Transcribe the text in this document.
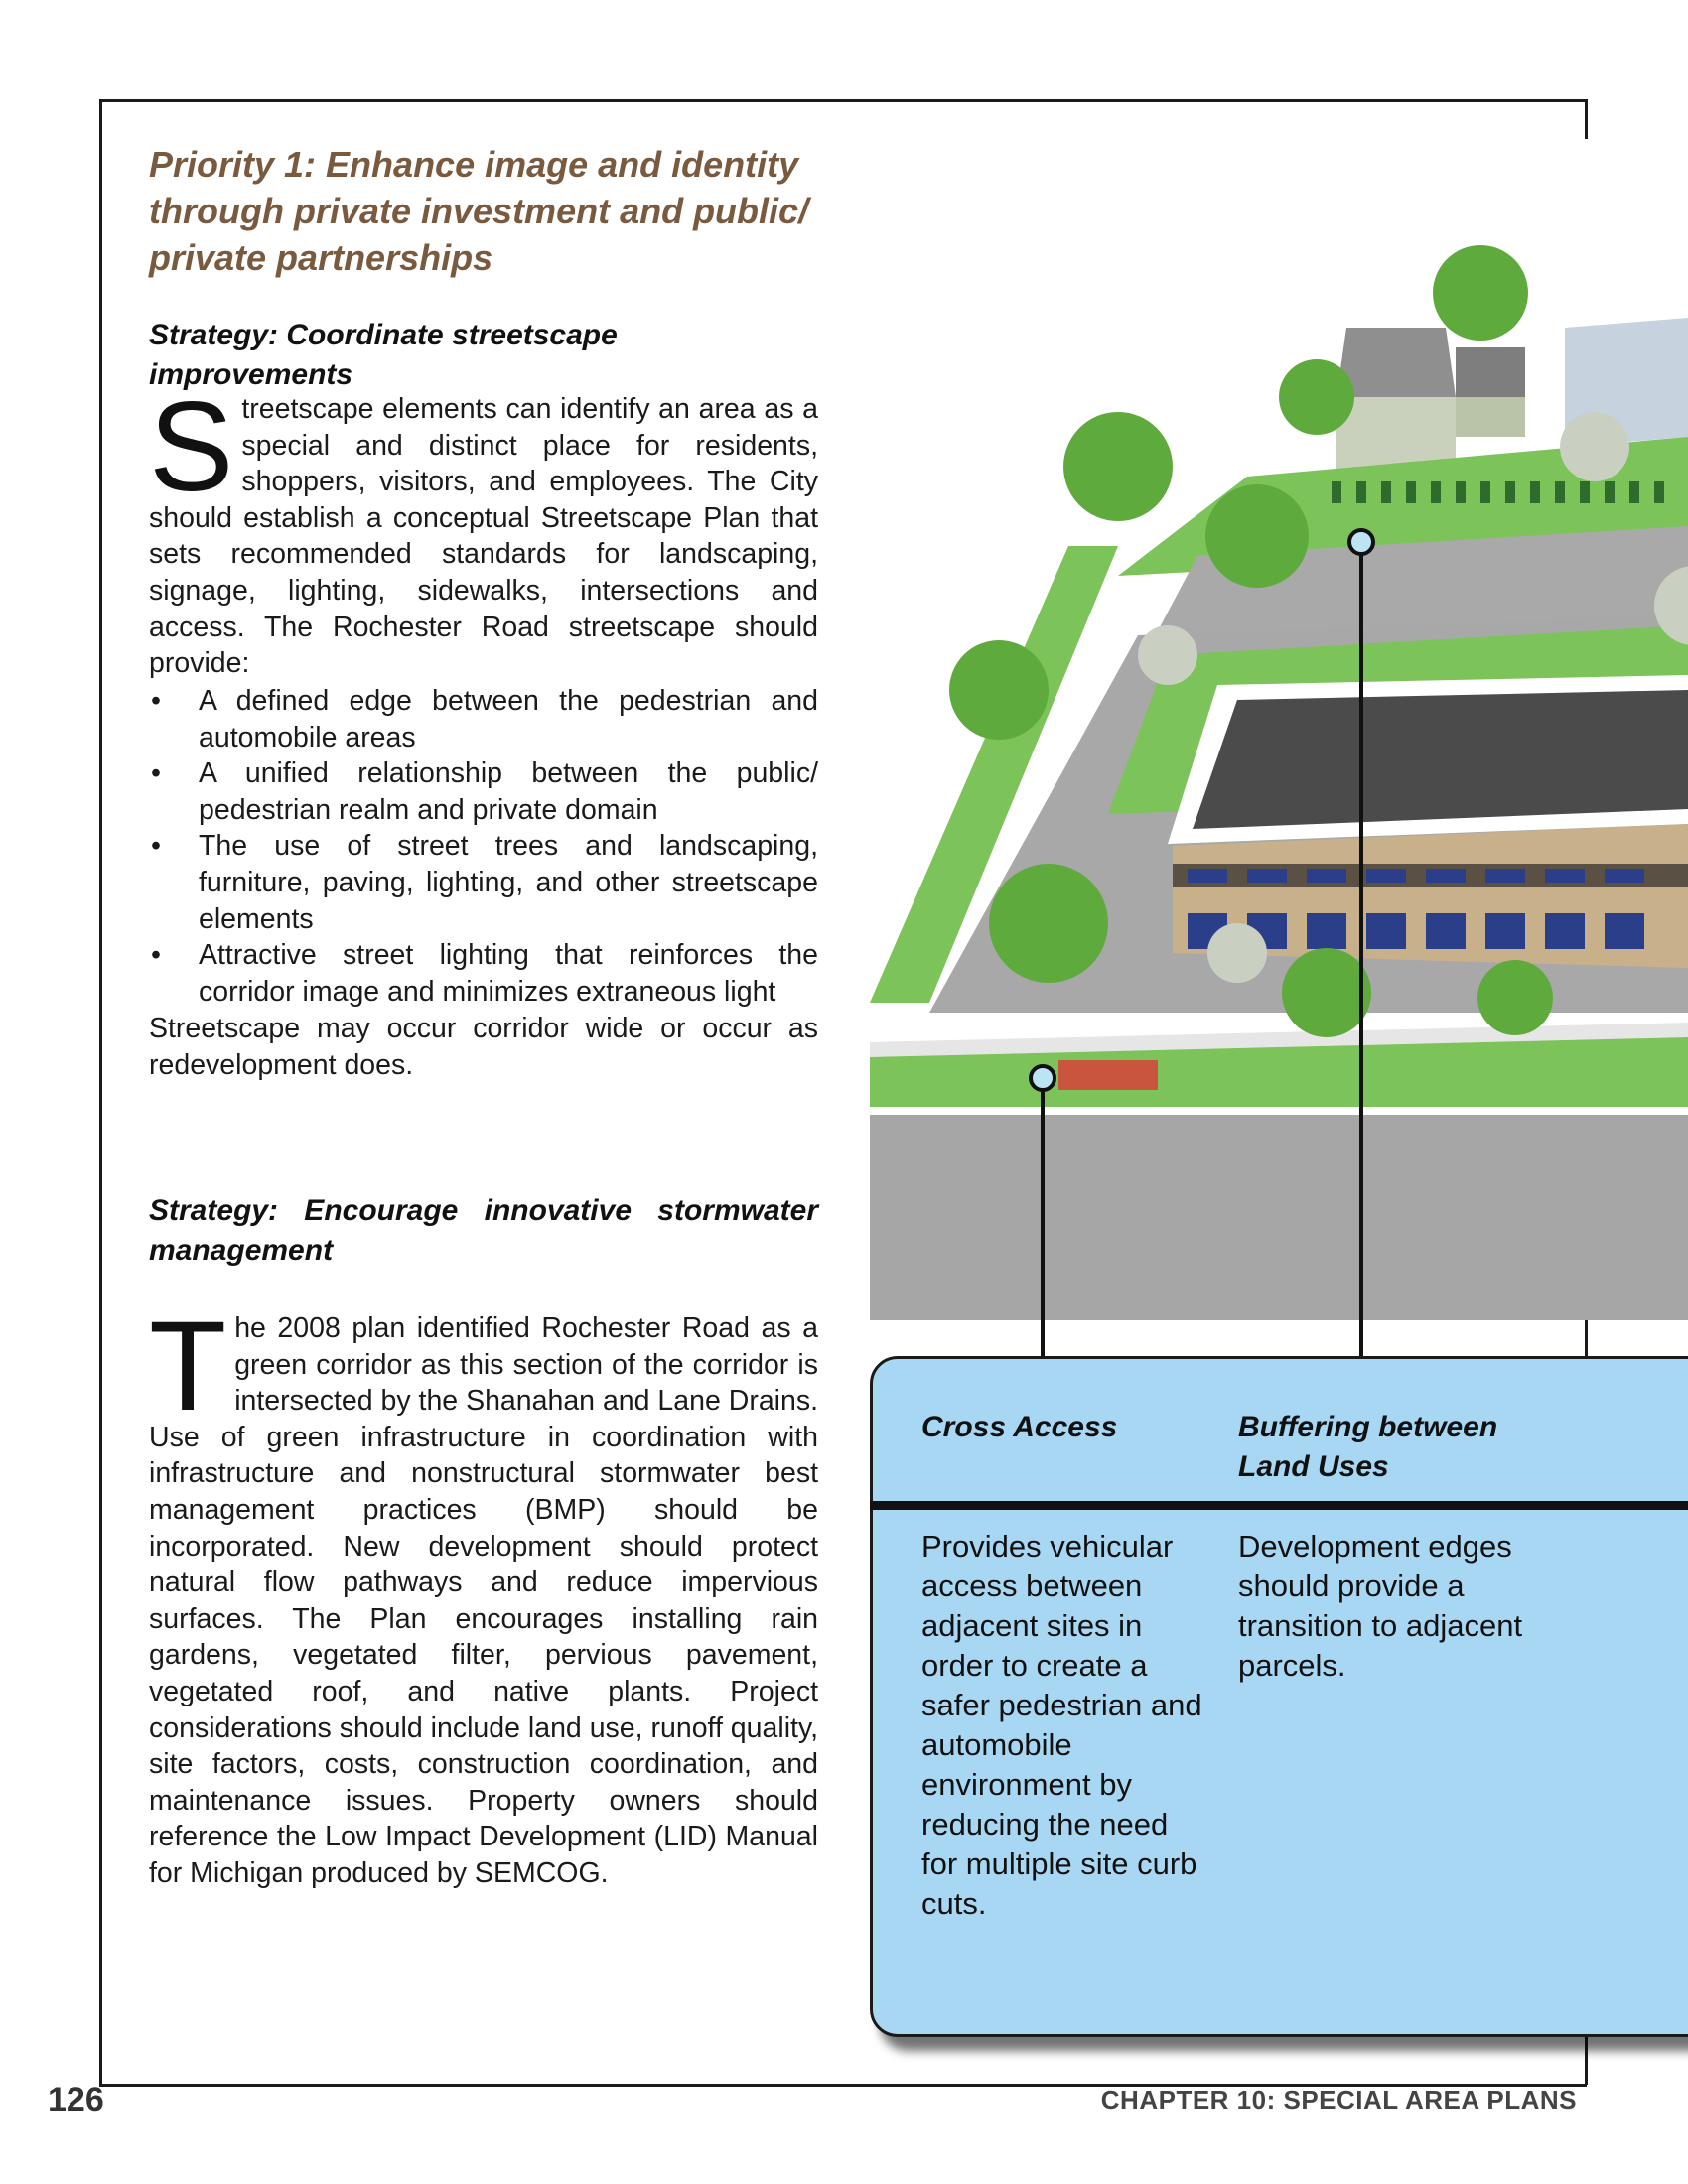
Priority 1: Enhance image and identity through private investment and public/ private partnerships
Strategy: Coordinate streetscape improvements

Streetscape elements can identify an area as a special and distinct place for residents, shoppers, visitors, and employees. The City should establish a conceptual Streetscape Plan that sets recommended standards for landscaping, signage, lighting, sidewalks, intersections and access. The Rochester Road streetscape should provide:

• A defined edge between the pedestrian and automobile areas
• A unified relationship between the public/ pedestrian realm and private domain
• The use of street trees and landscaping, furniture, paving, lighting, and other streetscape elements
• Attractive street lighting that reinforces the corridor image and minimizes extraneous light

Streetscape may occur corridor wide or occur as redevelopment does.

Strategy: Encourage innovative stormwater management

The 2008 plan identified Rochester Road as a green corridor as this section of the corridor is intersected by the Shanahan and Lane Drains. Use of green infrastructure in coordination with infrastructure and nonstructural stormwater best management practices (BMP) should be incorporated. New development should protect natural flow pathways and reduce impervious surfaces. The Plan encourages installing rain gardens, vegetated filter, pervious pavement, vegetated roof, and native plants. Project considerations should include land use, runoff quality, site factors, costs, construction coordination, and maintenance issues. Property owners should reference the Low Impact Development (LID) Manual for Michigan produced by SEMCOG.

Cross Access

Provides vehicular access between adjacent sites in order to create a safer pedestrian and automobile environment by reducing the need for multiple site curb cuts.

Buffering between Land Uses

Development edges should provide a transition to adjacent parcels.

126	CHAPTER 10: SPECIAL AREA PLANS
